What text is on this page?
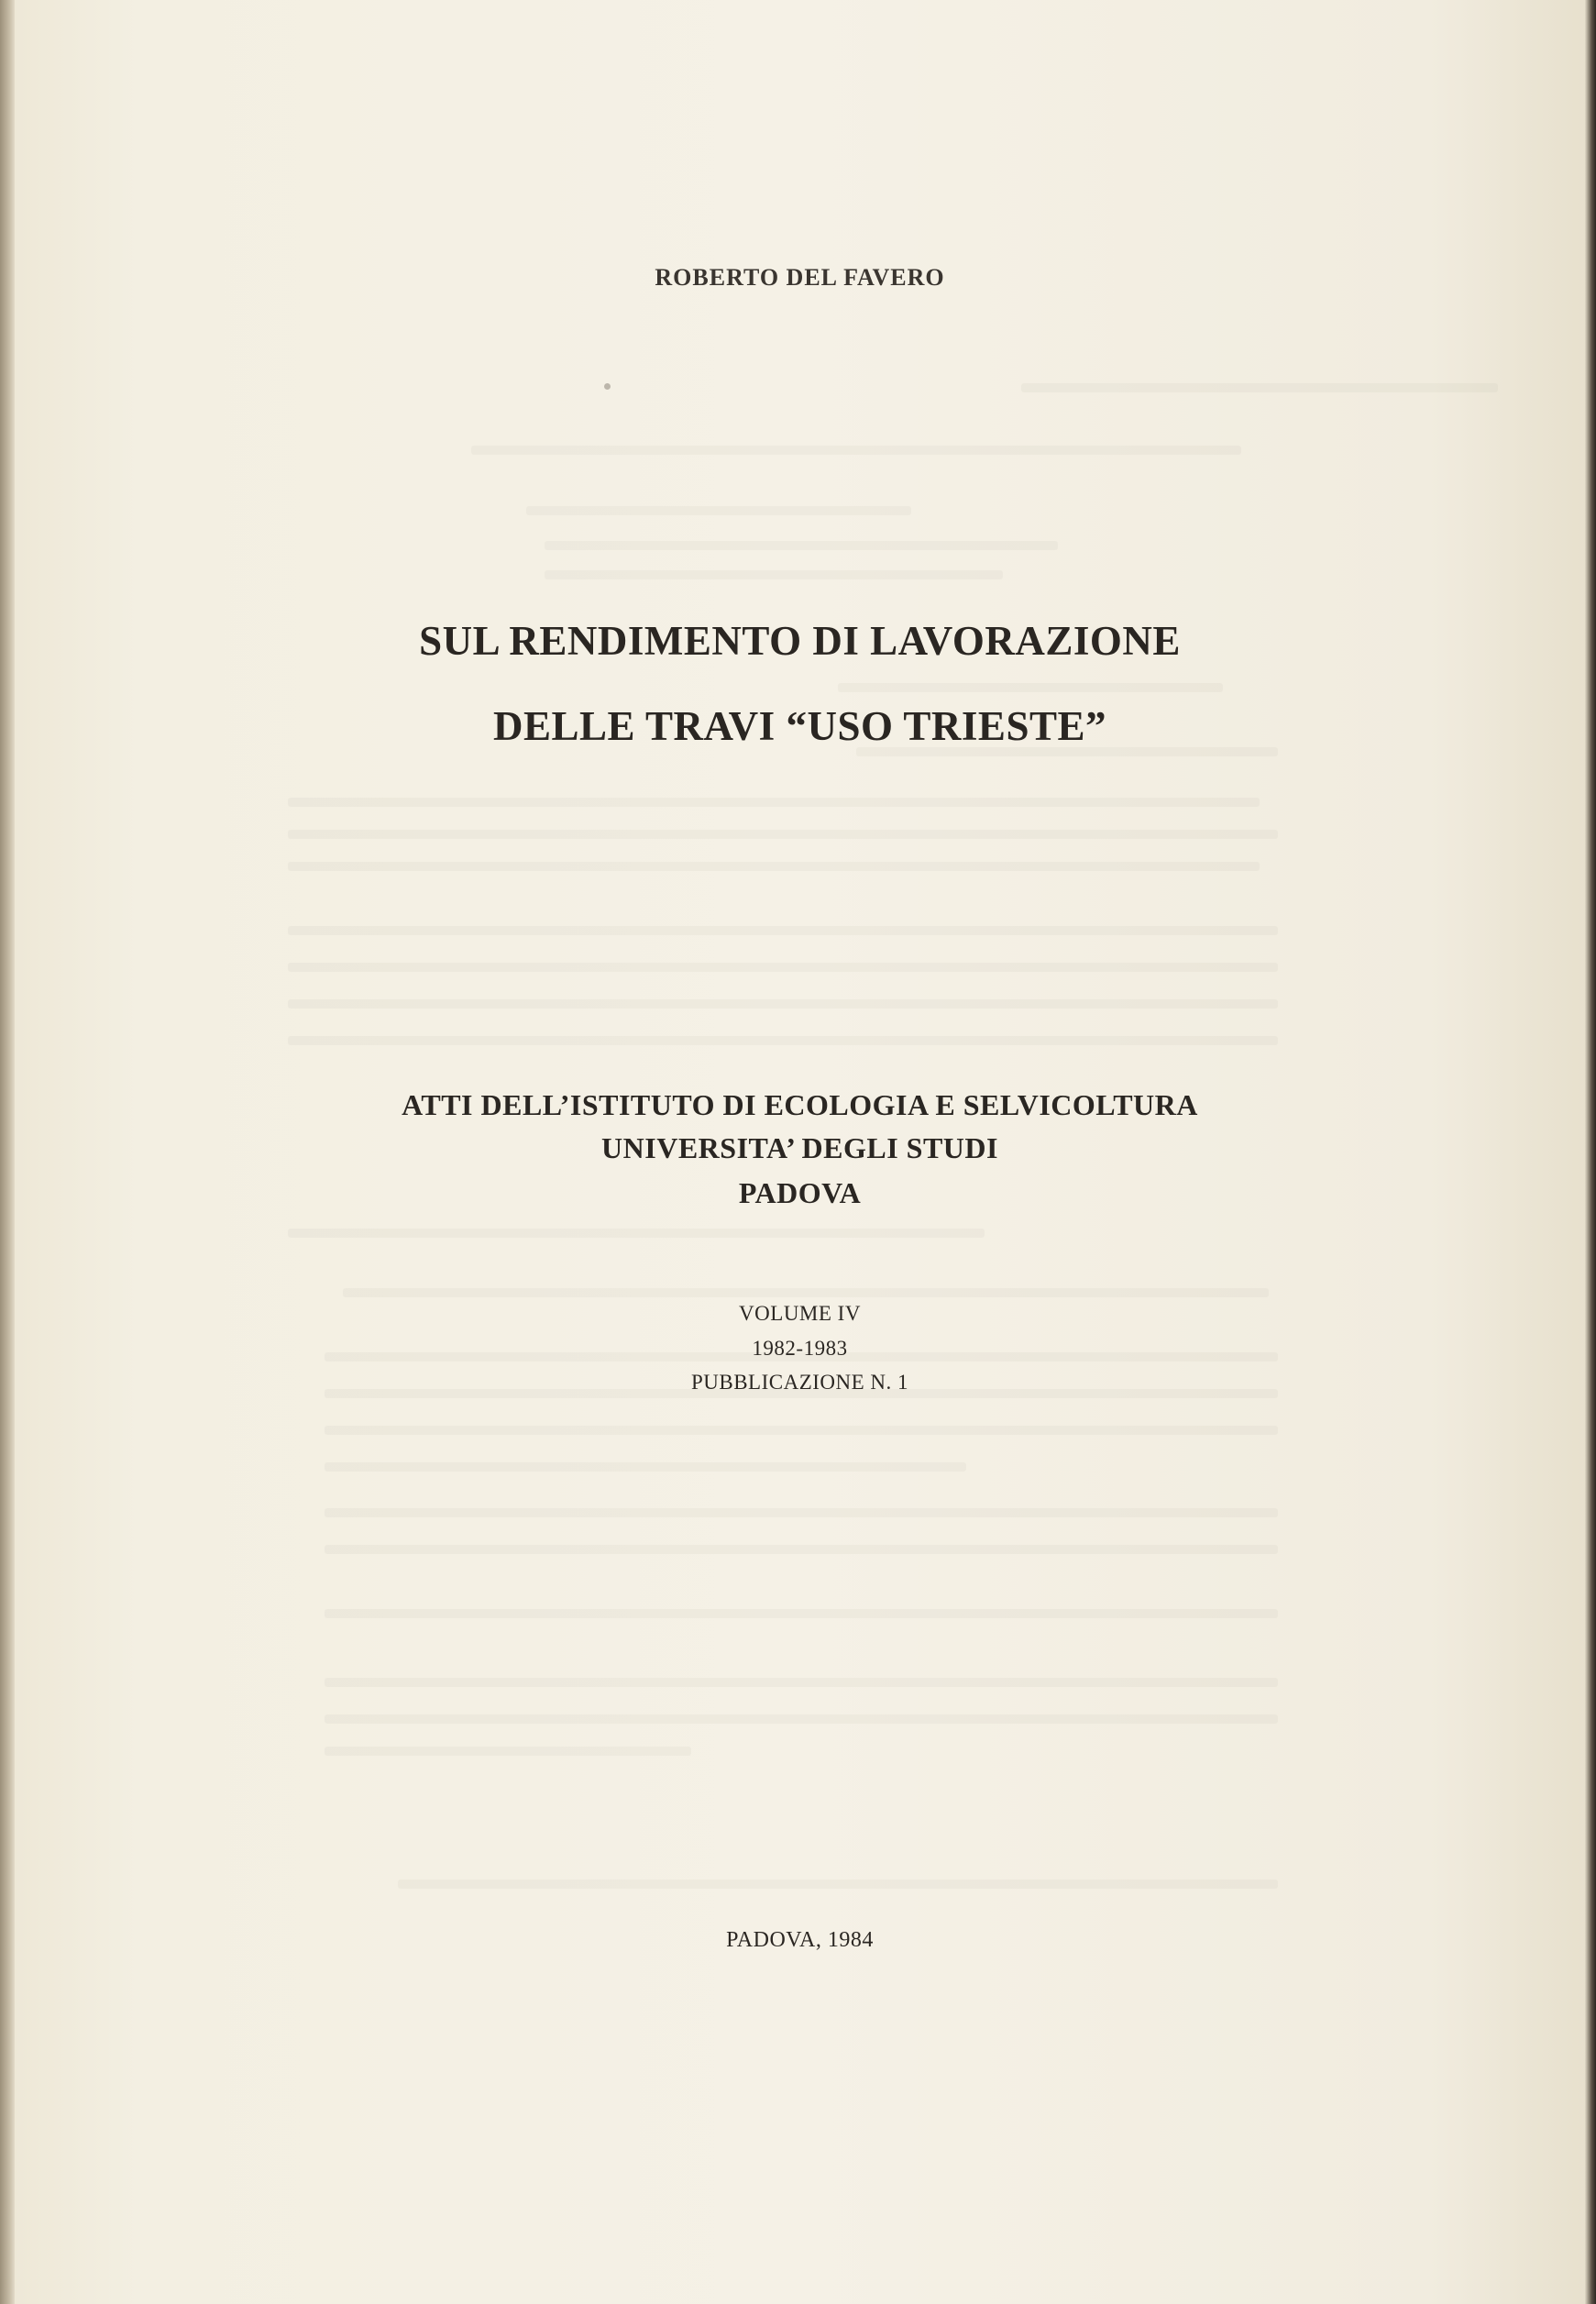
ROBERTO DEL FAVERO
SUL RENDIMENTO DI LAVORAZIONE
DELLE TRAVI “USO TRIESTE”
ATTI DELL’ISTITUTO DI ECOLOGIA E SELVICOLTURA
UNIVERSITA’ DEGLI STUDI
PADOVA
VOLUME IV
1982-1983
PUBBLICAZIONE N. 1
PADOVA, 1984
